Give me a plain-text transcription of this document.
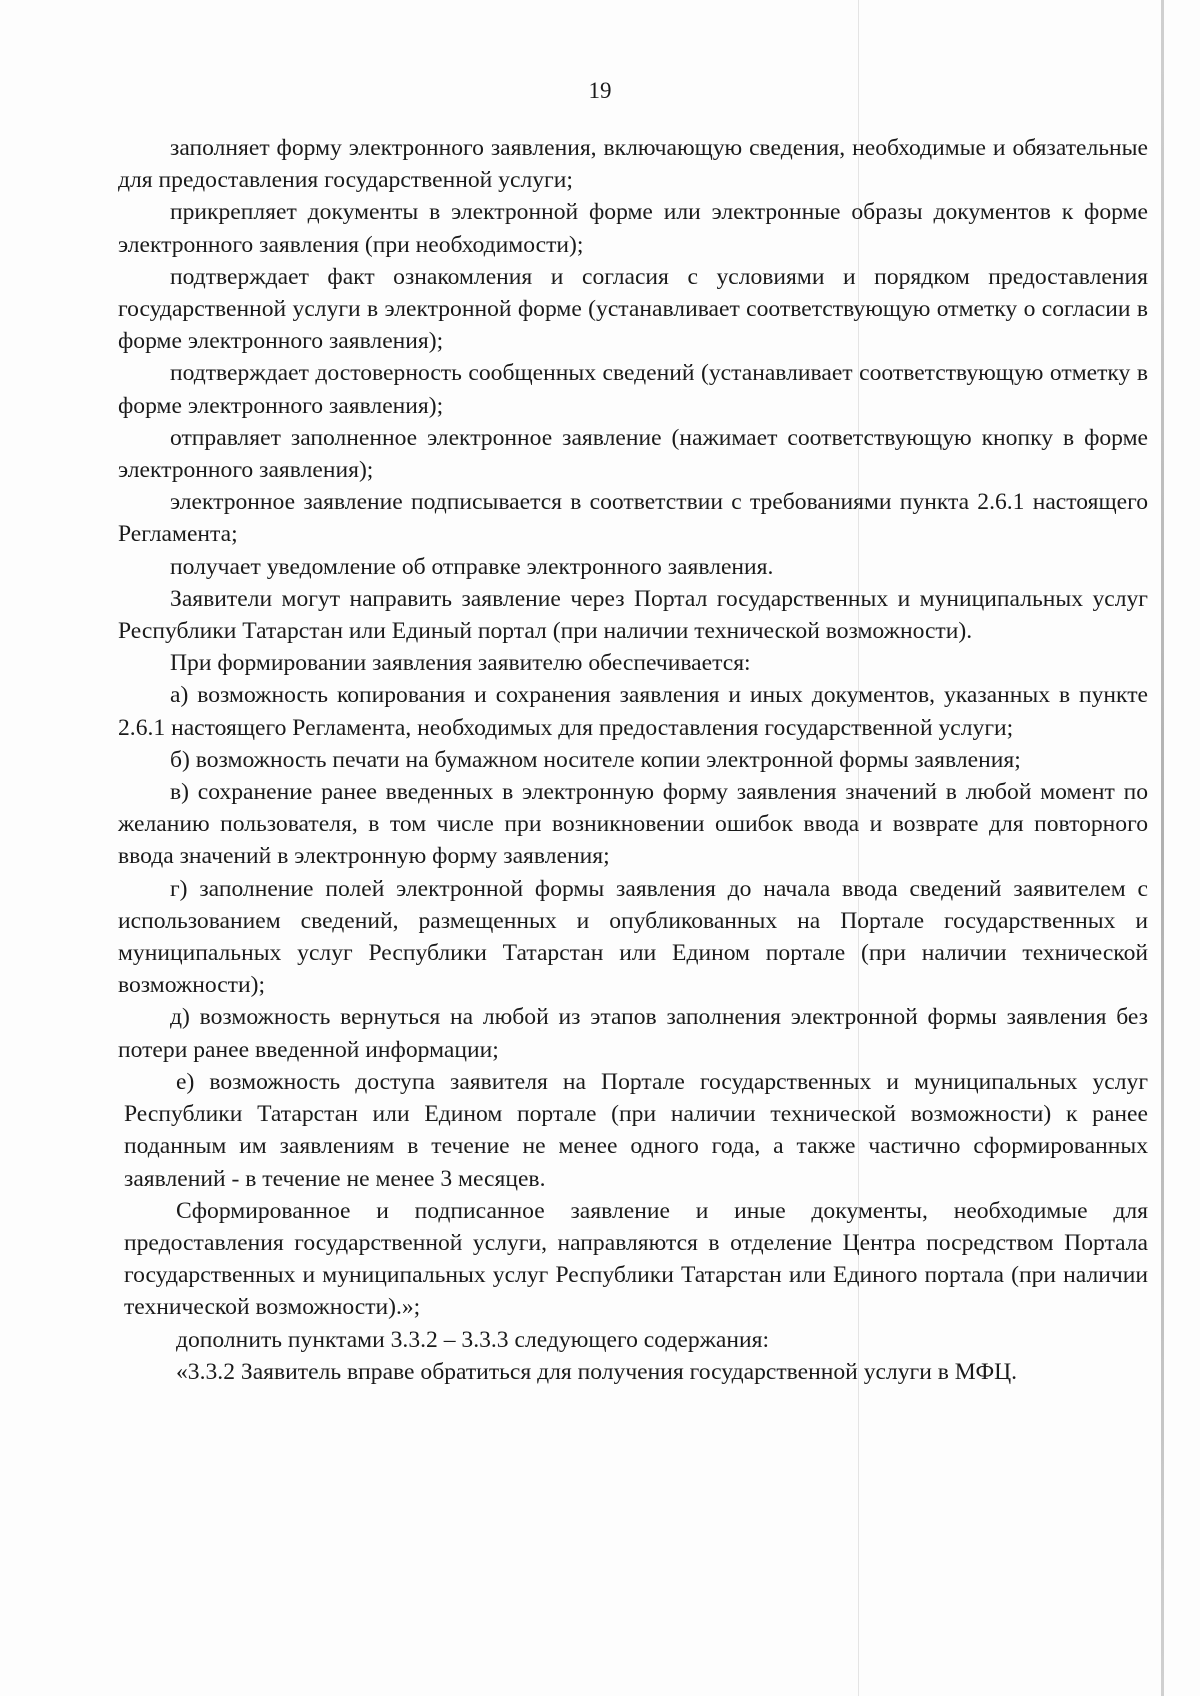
19

заполняет форму электронного заявления, включающую сведения, необходимые и обязательные для предоставления государственной услуги;

прикрепляет документы в электронной форме или электронные образы документов к форме электронного заявления (при необходимости);

подтверждает факт ознакомления и согласия с условиями и порядком предоставления государственной услуги в электронной форме (устанавливает соответствующую отметку о согласии в форме электронного заявления);

подтверждает достоверность сообщенных сведений (устанавливает соответствующую отметку в форме электронного заявления);

отправляет заполненное электронное заявление (нажимает соответствующую кнопку в форме электронного заявления);

электронное заявление подписывается в соответствии с требованиями пункта 2.6.1 настоящего Регламента;

получает уведомление об отправке электронного заявления.

Заявители могут направить заявление через Портал государственных и муниципальных услуг Республики Татарстан или Единый портал (при наличии технической возможности).

При формировании заявления заявителю обеспечивается:

а) возможность копирования и сохранения заявления и иных документов, указанных в пункте 2.6.1 настоящего Регламента, необходимых для предоставления государственной услуги;

б) возможность печати на бумажном носителе копии электронной формы заявления;

в) сохранение ранее введенных в электронную форму заявления значений в любой момент по желанию пользователя, в том числе при возникновении ошибок ввода и возврате для повторного ввода значений в электронную форму заявления;

г) заполнение полей электронной формы заявления до начала ввода сведений заявителем с использованием сведений, размещенных и опубликованных на Портале государственных и муниципальных услуг Республики Татарстан или Едином портале (при наличии технической возможности);

д) возможность вернуться на любой из этапов заполнения электронной формы заявления без потери ранее введенной информации;

е) возможность доступа заявителя на Портале государственных и муниципальных услуг Республики Татарстан или Едином портале (при наличии технической возможности) к ранее поданным им заявлениям в течение не менее одного года, а также частично сформированных заявлений - в течение не менее 3 месяцев.

Сформированное и подписанное заявление и иные документы, необходимые для предоставления государственной услуги, направляются в отделение Центра посредством Портала государственных и муниципальных услуг Республики Татарстан или Единого портала (при наличии технической возможности).»;

дополнить пунктами 3.3.2 – 3.3.3 следующего содержания:

«3.3.2 Заявитель вправе обратиться для получения государственной услуги в МФЦ.
